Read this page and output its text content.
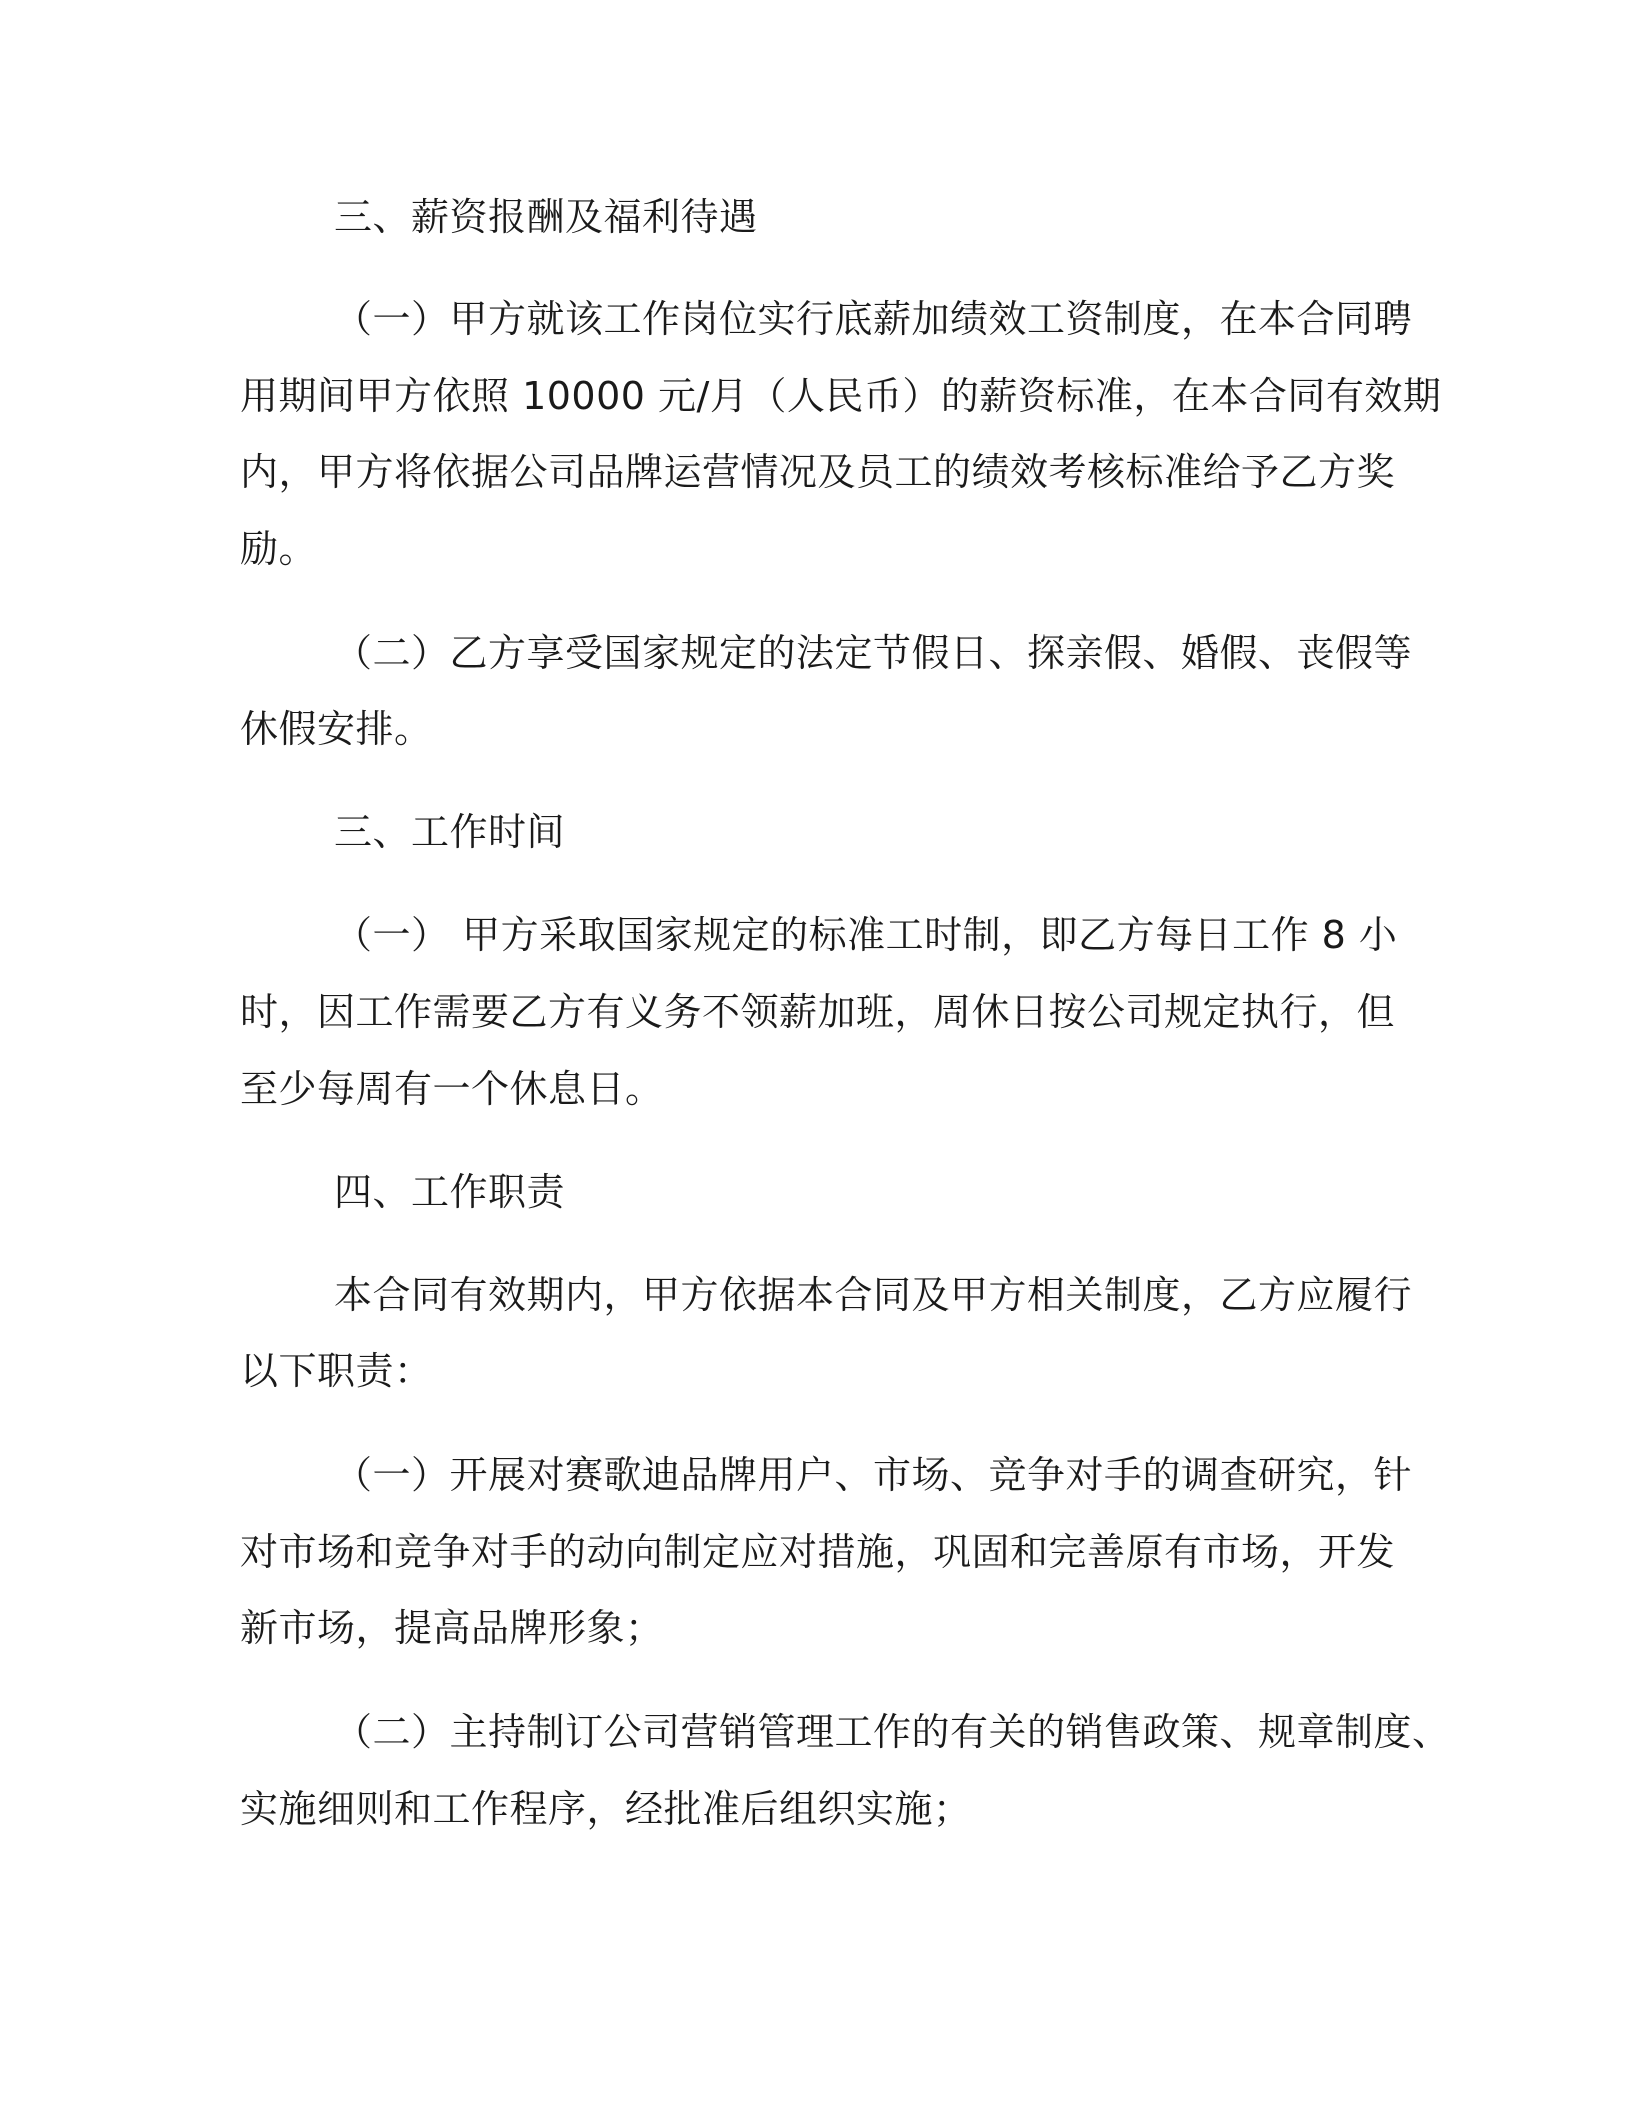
三、薪资报酬及福利待遇
（一）甲方就该工作岗位实行底薪加绩效工资制度，在本合同聘
用期间甲方依照 10000 元/月（人民币）的薪资标准，在本合同有效期
内，甲方将依据公司品牌运营情况及员工的绩效考核标准给予乙方奖
励。
（二）乙方享受国家规定的法定节假日、探亲假、婚假、丧假等
休假安排。
三、工作时间
（一） 甲方采取国家规定的标准工时制，即乙方每日工作 8 小
时，因工作需要乙方有义务不领薪加班，周休日按公司规定执行，但
至少每周有一个休息日。
四、工作职责
本合同有效期内，甲方依据本合同及甲方相关制度，乙方应履行
以下职责：
（一）开展对赛歌迪品牌用户、市场、竞争对手的调查研究，针
对市场和竞争对手的动向制定应对措施，巩固和完善原有市场，开发
新市场，提高品牌形象；
（二）主持制订公司营销管理工作的有关的销售政策、规章制度、
实施细则和工作程序，经批准后组织实施；
